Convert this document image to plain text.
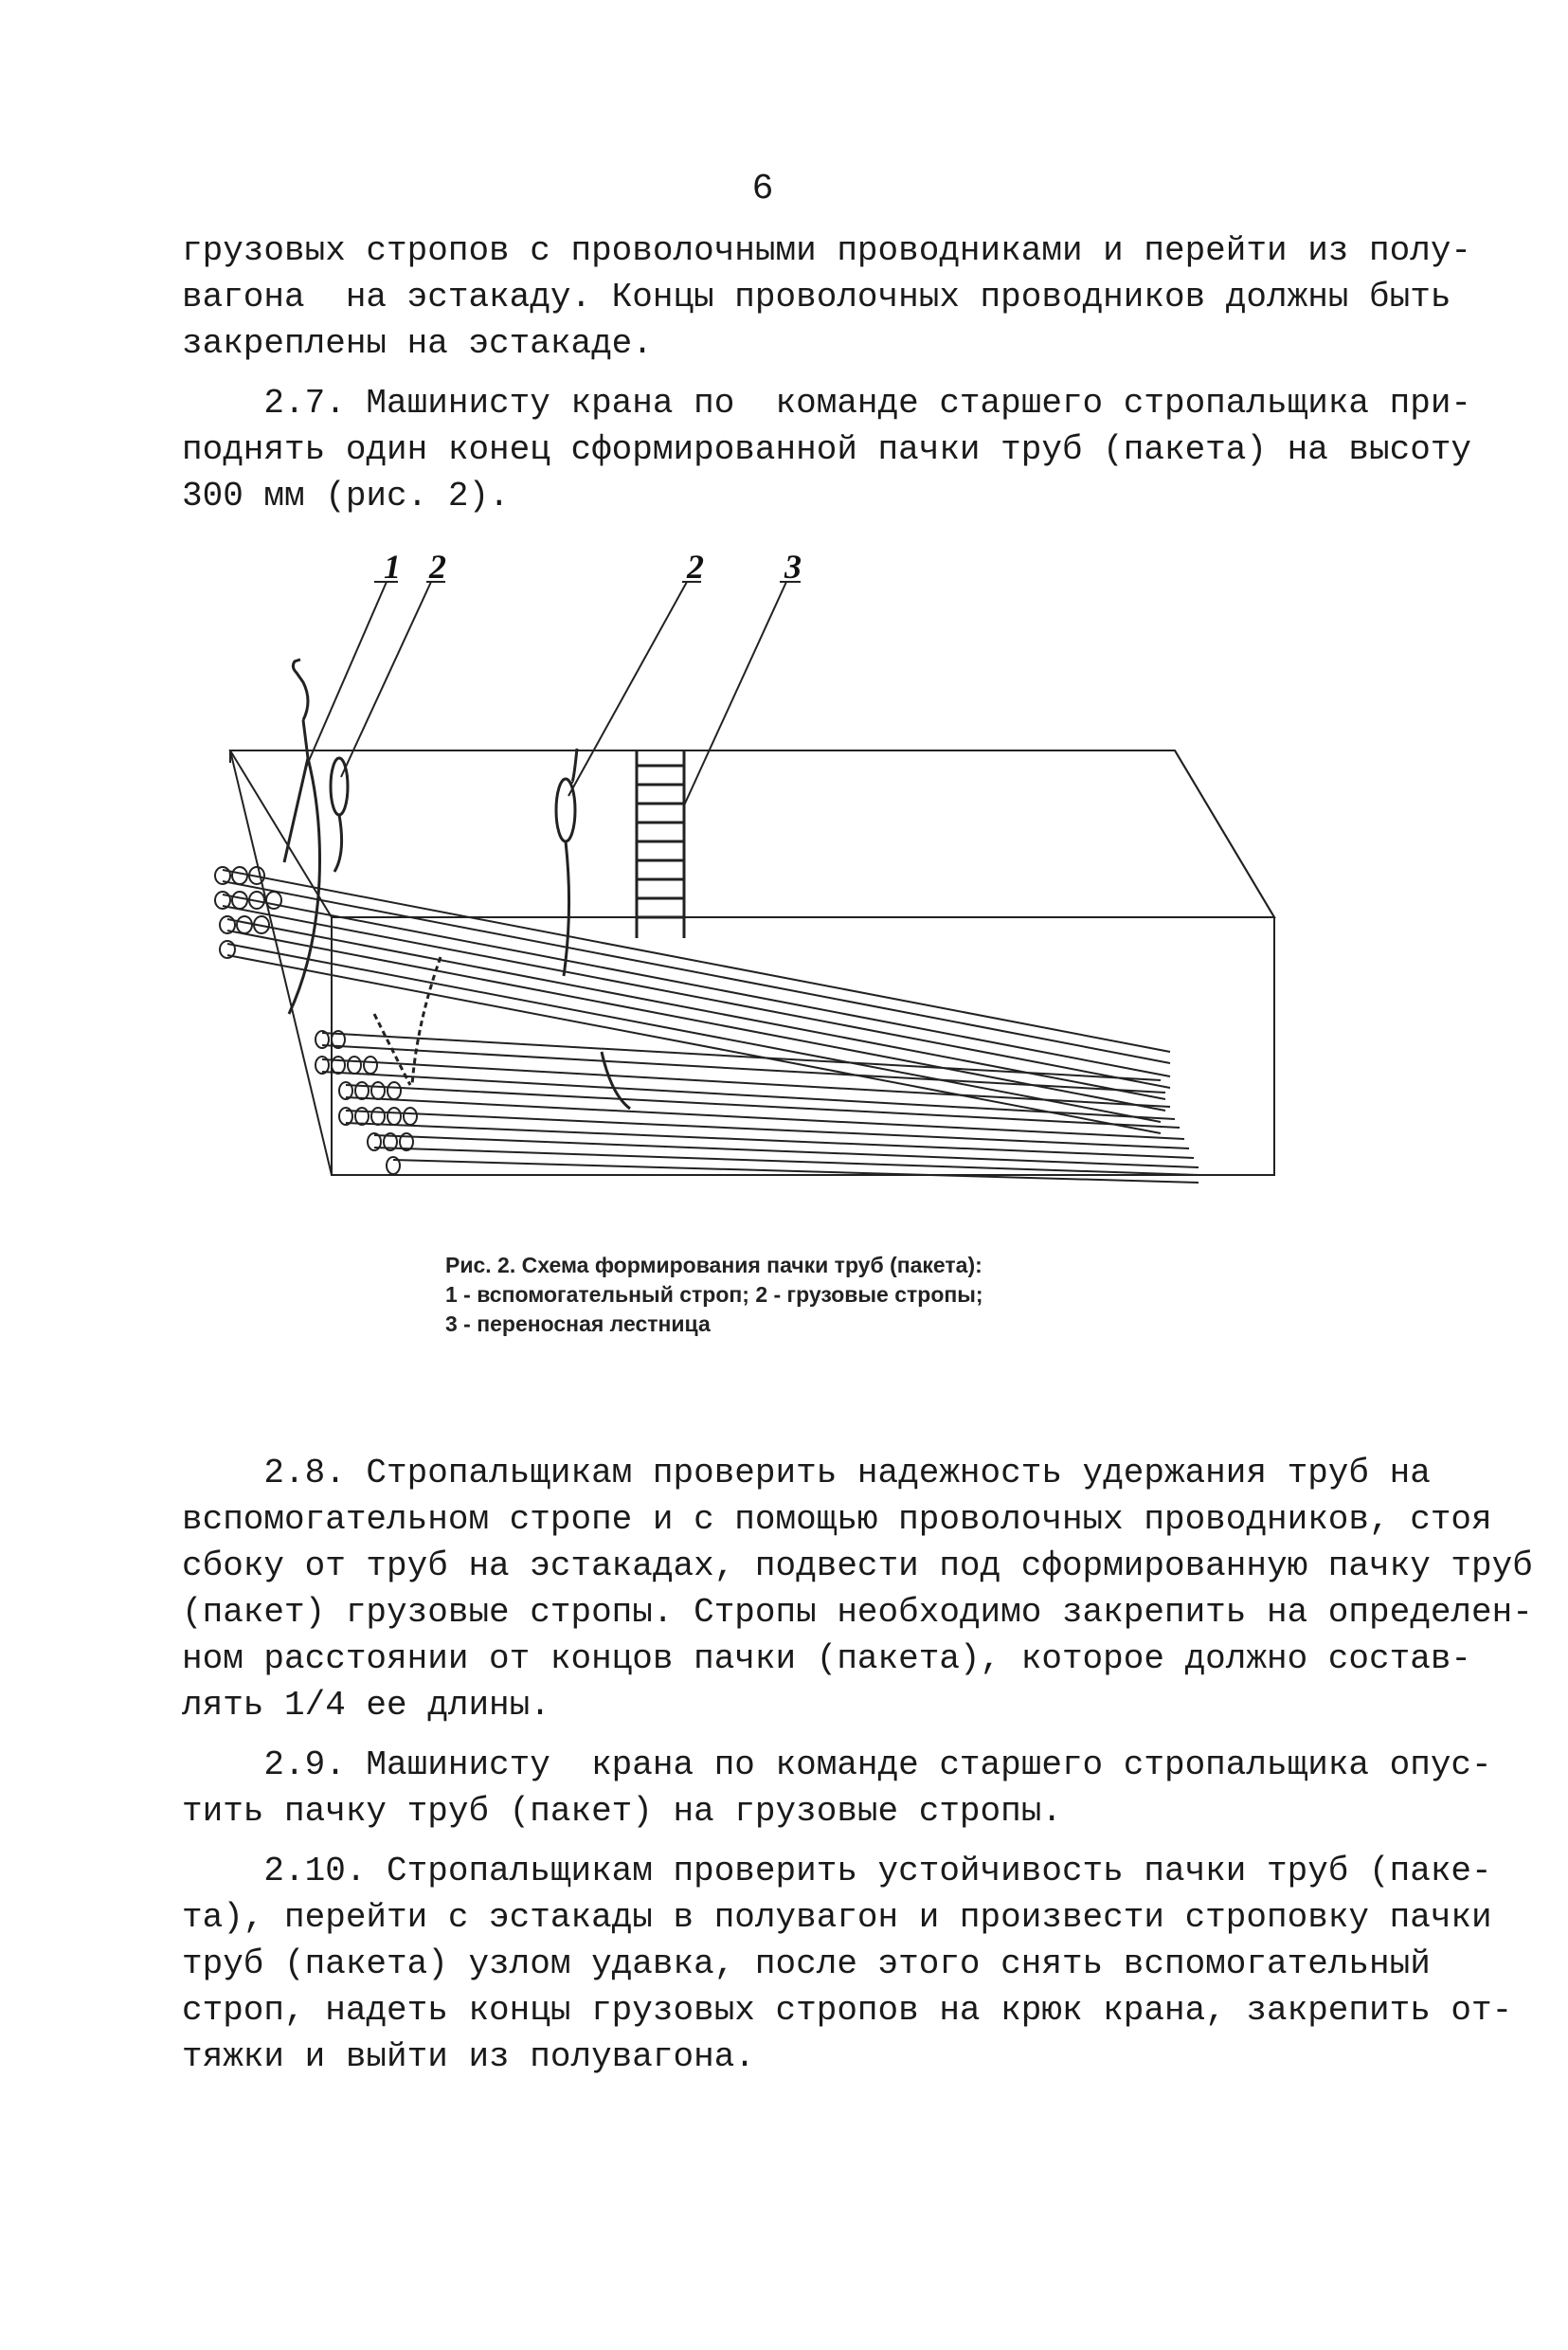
6
грузовых стропов с проволочными проводниками и перейти из полу-
вагона  на эстакаду. Концы проволочных проводников должны быть
закреплены на эстакаде.
2.7. Машинисту крана по  команде старшего стропальщика при-
поднять один конец сформированной пачки труб (пакета) на высоту
300 мм (рис. 2).
1 2	2 3
Рис. 2. Схема формирования пачки труб (пакета):
1 - вспомогательный строп; 2 - грузовые стропы;
3 - переносная лестница
2.8. Стропальщикам проверить надежность удержания труб на
вспомогательном стропе и с помощью проволочных проводников, стоя
сбоку от труб на эстакадах, подвести под сформированную пачку труб
(пакет) грузовые стропы. Стропы необходимо закрепить на определен-
ном расстоянии от концов пачки (пакета), которое должно состав-
лять 1/4 ее длины.
2.9. Машинисту  крана по команде старшего стропальщика опус-
тить пачку труб (пакет) на грузовые стропы.
2.10. Стропальщикам проверить устойчивость пачки труб (паке-
та), перейти с эстакады в полувагон и произвести строповку пачки
труб (пакета) узлом удавка, после этого снять вспомогательный
строп, надеть концы грузовых стропов на крюк крана, закрепить от-
тяжки и выйти из полувагона.
